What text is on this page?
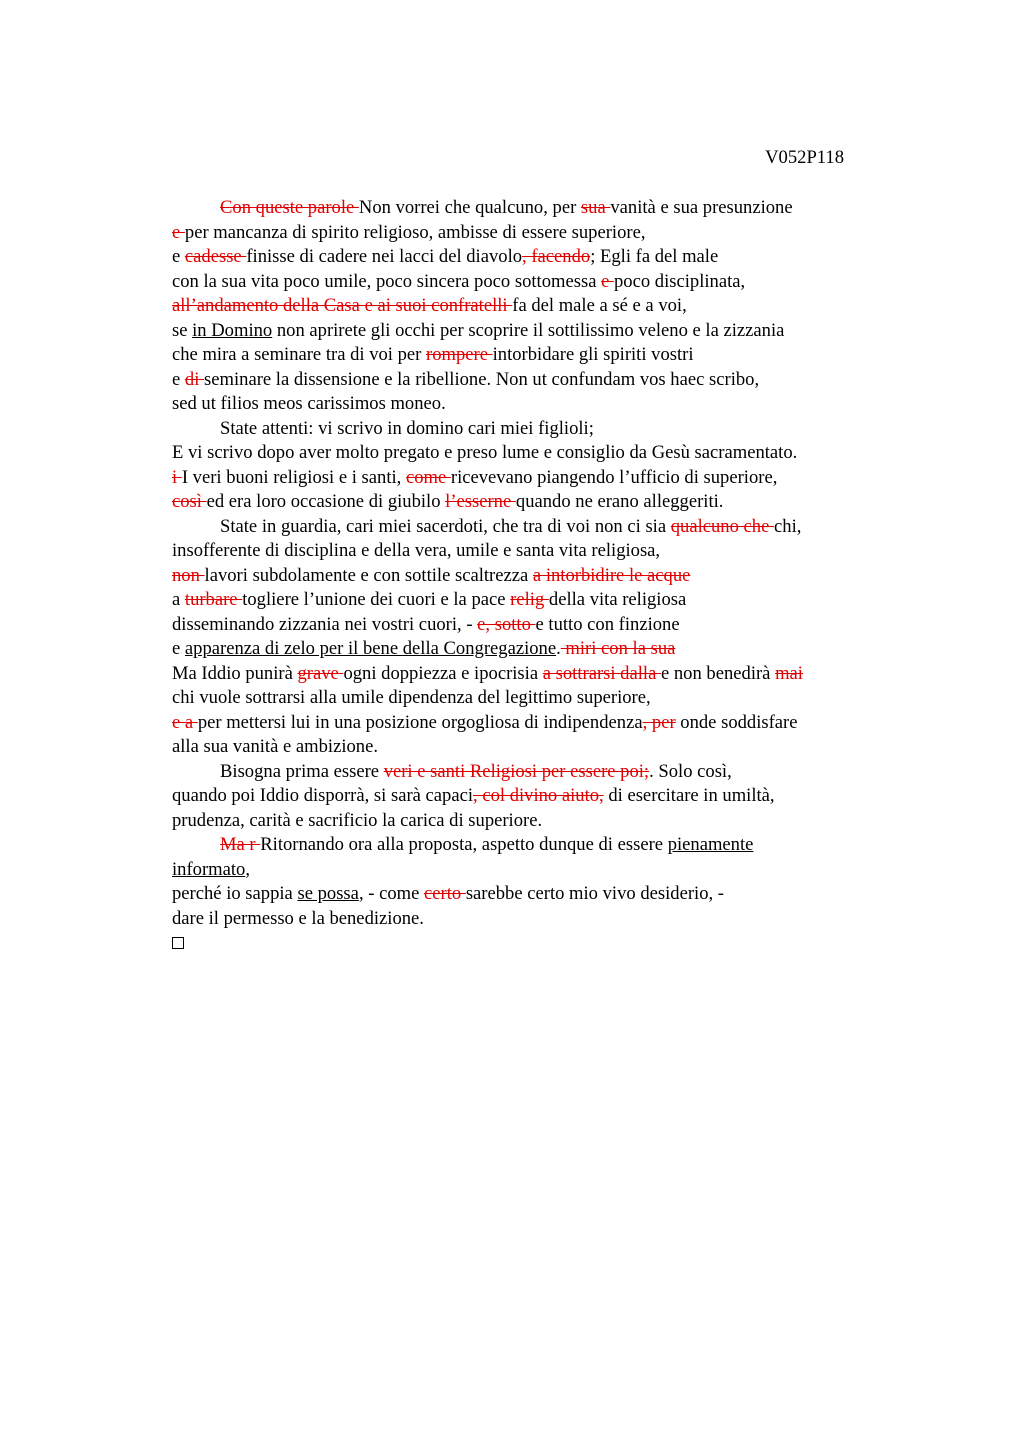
V052P118
Con queste parole Non vorrei che qualcuno, per sua vanità e sua presunzione
e per mancanza di spirito religioso, ambisse di essere superiore,
e cadesse finisse di cadere nei lacci del diavolo, facendo; Egli fa del male
con la sua vita poco umile, poco sincera poco sottomessa e poco disciplinata,
all’andamento della Casa e ai suoi confratelli fa del male a sé e a voi,
se in Domino non aprirete gli occhi per scoprire il sottilissimo veleno e la zizzania
che mira a seminare tra di voi per rompere intorbidare gli spiriti vostri
e di seminare la dissensione e la ribellione. Non ut confundam vos haec scribo,
sed ut filios meos carissimos moneo.
State attenti: vi scrivo in domino cari miei figlioli;
E vi scrivo dopo aver molto pregato e preso lume e consiglio da Gesù sacramentato.
i I veri buoni religiosi e i santi, come ricevevano piangendo l’ufficio di superiore,
così ed era loro occasione di giubilo l’esserne quando ne erano alleggeriti.
State in guardia, cari miei sacerdoti, che tra di voi non ci sia qualcuno che chi,
insofferente di disciplina e della vera, umile e santa vita religiosa,
non lavori subdolamente e con sottile scaltrezza a intorbidire le acque
a turbare togliere l’unione dei cuori e la pace relig della vita religiosa
disseminando zizzania nei vostri cuori, - e, sotto e tutto con finzione
e apparenza di zelo per il bene della Congregazione. miri con la sua
Ma Iddio punirà grave ogni doppiezza e ipocrisia a sottrarsi dalla e non benedirà mai
chi vuole sottrarsi alla umile dipendenza del legittimo superiore,
e a per mettersi lui in una posizione orgogliosa di indipendenza, per onde soddisfare
alla sua vanità e ambizione.
Bisogna prima essere veri e santi Religiosi per essere poi;. Solo così,
quando poi Iddio disporrà, si sarà capaci, col divino aiuto, di esercitare in umiltà,
prudenza, carità e sacrificio la carica di superiore.
Ma r Ritornando ora alla proposta, aspetto dunque di essere pienamente
informato,
perché io sappia se possa, - come certo sarebbe certo mio vivo desiderio, -
dare il permesso e la benedizione.
